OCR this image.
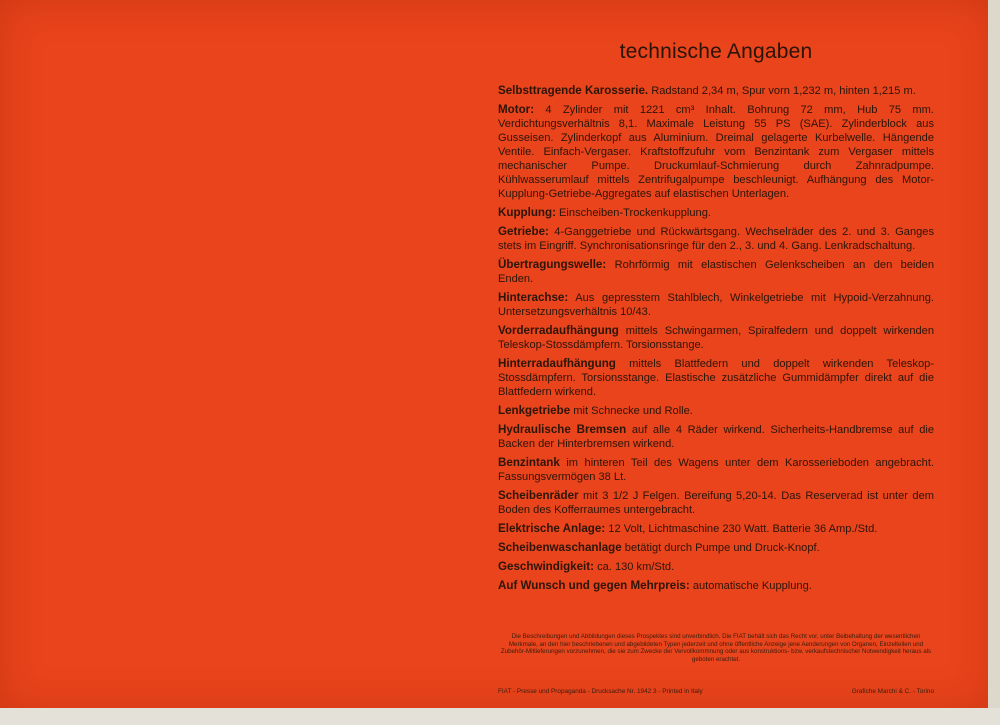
technische Angaben

Selbsttragende Karosserie. Radstand 2,34 m, Spur vorn 1,232 m, hinten 1,215 m.

Motor: 4 Zylinder mit 1221 cm³ Inhalt. Bohrung 72 mm, Hub 75 mm. Verdichtungsverhältnis 8,1. Maximale Leistung 55 PS (SAE). Zylinderblock aus Gusseisen. Zylinderkopf aus Aluminium. Dreimal gelagerte Kurbelwelle. Hängende Ventile. Einfach-Vergaser. Kraftstoffzufuhr vom Benzintank zum Vergaser mittels mechanischer Pumpe. Druckumlauf-Schmierung durch Zahnradpumpe. Kühlwasserumlauf mittels Zentrifugalpumpe beschleunigt. Aufhängung des Motor-Kupplung-Getriebe-Aggregates auf elastischen Unterlagen.

Kupplung: Einscheiben-Trockenkupplung.

Getriebe: 4-Ganggetriebe und Rückwärtsgang. Wechselräder des 2. und 3. Ganges stets im Eingriff. Synchronisationsringe für den 2., 3. und 4. Gang. Lenkradschaltung.

Übertragungswelle: Rohrförmig mit elastischen Gelenkscheiben an den beiden Enden.

Hinterachse: Aus gepresstem Stahlblech, Winkelgetriebe mit Hypoid-Verzahnung. Untersetzungsverhältnis 10/43.

Vorderradaufhängung mittels Schwingarmen, Spiralfedern und doppelt wirkenden Teleskop-Stossdämpfern. Torsionsstange.

Hinterradaufhängung mittels Blattfedern und doppelt wirkenden Teleskop-Stossdämpfern. Torsionsstange. Elastische zusätzliche Gummidämpfer direkt auf die Blattfedern wirkend.

Lenkgetriebe mit Schnecke und Rolle.

Hydraulische Bremsen auf alle 4 Räder wirkend. Sicherheits-Handbremse auf die Backen der Hinterbremsen wirkend.

Benzintank im hinteren Teil des Wagens unter dem Karosserieboden angebracht. Fassungsvermögen 38 Lt.

Scheibenräder mit 3 1/2 J Felgen. Bereifung 5,20-14. Das Reserverad ist unter dem Boden des Kofferraumes untergebracht.

Elektrische Anlage: 12 Volt, Lichtmaschine 230 Watt. Batterie 36 Amp./Std.

Scheibenwaschanlage betätigt durch Pumpe und Druck-Knopf.

Geschwindigkeit: ca. 130 km/Std.

Auf Wunsch und gegen Mehrpreis: automatische Kupplung.

Die Beschreibungen und Abbildungen dieses Prospektes sind unverbindlich. Die FIAT behält sich das Recht vor, unter Beibehaltung der wesentlichen Merkmale, an den hier beschriebenen und abgebildeten Typen jederzeit und ohne öffentliche Anzeige jene Aenderungen von Organen, Einzelteilen und Zubehör-Mitlieferungen vorzunehmen, die sie zum Zwecke der Vervollkommnung oder aus konstruktions- bzw. verkaufstechnischer Notwendigkeit heraus als geboten erachtet.
FIAT - Presse und Propaganda - Drucksache Nr. 1942 3 - Printed in Italy	Grafiche Marchi & C. - Torino
